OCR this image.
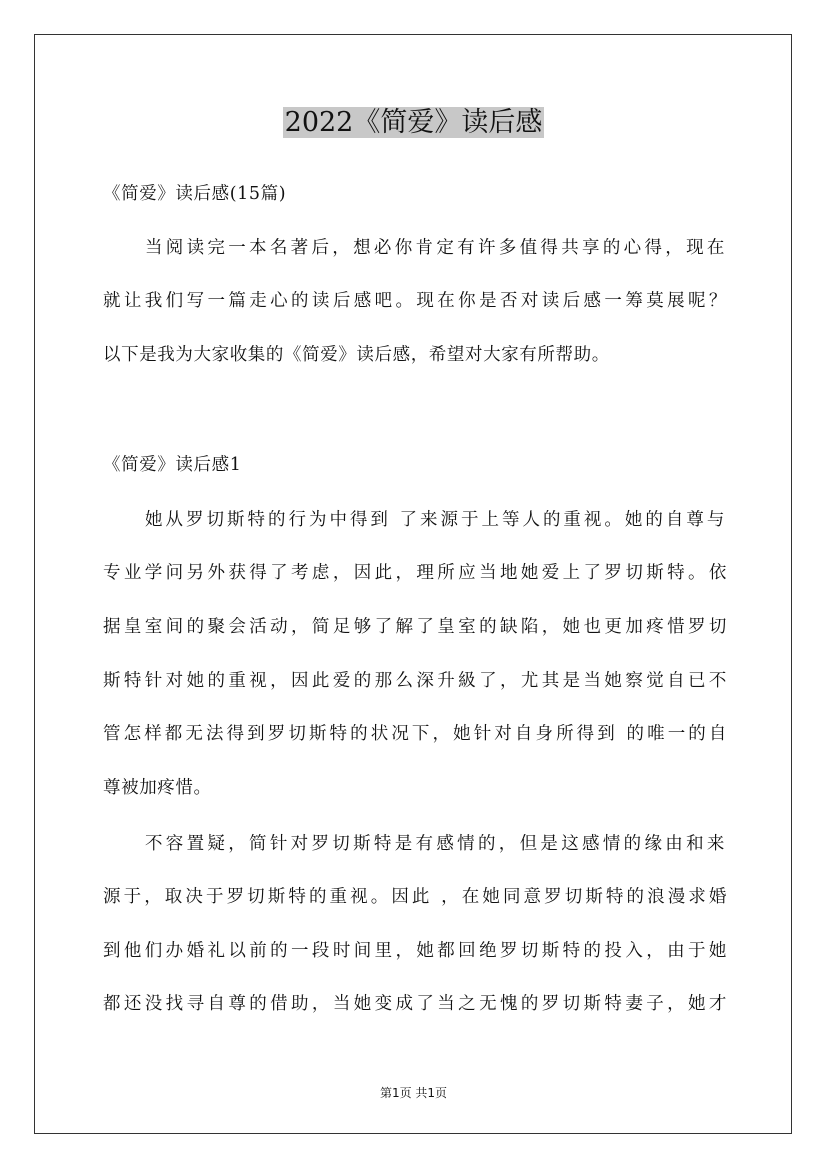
2022《简爱》读后感
《简爱》读后感(15篇)
当阅读完一本名著后，想必你肯定有许多值得共享的心得，现在
就让我们写一篇走心的读后感吧。现在你是否对读后感一筹莫展呢？
以下是我为大家收集的《简爱》读后感，希望对大家有所帮助。
《简爱》读后感1
她从罗切斯特的行为中得到 了来源于上等人的重视。她的自尊与
专业学问另外获得了考虑，因此，理所应当地她爱上了罗切斯特。依
据皇室间的聚会活动，简足够了解了皇室的缺陷，她也更加疼惜罗切
斯特针对她的重视，因此爱的那么深升級了，尤其是当她察觉自已不
管怎样都无法得到罗切斯特的状况下，她针对自身所得到 的唯一的自
尊被加疼惜。
不容置疑，简针对罗切斯特是有感情的，但是这感情的缘由和来
源于，取决于罗切斯特的重视。因此 ，在她同意罗切斯特的浪漫求婚
到他们办婚礼以前的一段时间里，她都回绝罗切斯特的投入，由于她
都还没找寻自尊的借助，当她变成了当之无愧的罗切斯特妻子，她才
第1页 共1页
